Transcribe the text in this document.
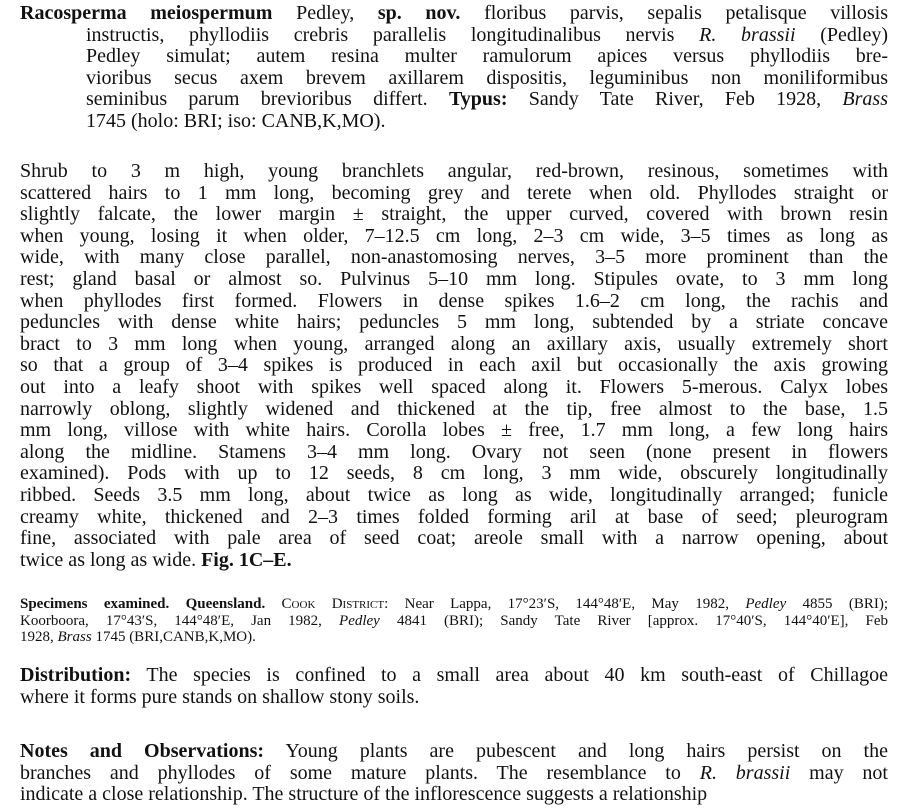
Racosperma meiospermum Pedley, sp. nov. floribus parvis, sepalis petalisque villosis
instructis, phyllodiis crebris parallelis longitudinalibus nervis R. brassii (Pedley)
Pedley simulat; autem resina multer ramulorum apices versus phyllodiis bre-
vioribus secus axem brevem axillarem dispositis, leguminibus non moniliformibus
seminibus parum brevioribus differt. Typus: Sandy Tate River, Feb 1928, Brass
1745 (holo: BRI; iso: CANB,K,MO).
Shrub to 3 m high, young branchlets angular, red-brown, resinous, sometimes with
scattered hairs to 1 mm long, becoming grey and terete when old. Phyllodes straight or
slightly falcate, the lower margin ± straight, the upper curved, covered with brown resin
when young, losing it when older, 7–12.5 cm long, 2–3 cm wide, 3–5 times as long as
wide, with many close parallel, non-anastomosing nerves, 3–5 more prominent than the
rest; gland basal or almost so. Pulvinus 5–10 mm long. Stipules ovate, to 3 mm long
when phyllodes first formed. Flowers in dense spikes 1.6–2 cm long, the rachis and
peduncles with dense white hairs; peduncles 5 mm long, subtended by a striate concave
bract to 3 mm long when young, arranged along an axillary axis, usually extremely short
so that a group of 3–4 spikes is produced in each axil but occasionally the axis growing
out into a leafy shoot with spikes well spaced along it. Flowers 5-merous. Calyx lobes
narrowly oblong, slightly widened and thickened at the tip, free almost to the base, 1.5
mm long, villose with white hairs. Corolla lobes ± free, 1.7 mm long, a few long hairs
along the midline. Stamens 3–4 mm long. Ovary not seen (none present in flowers
examined). Pods with up to 12 seeds, 8 cm long, 3 mm wide, obscurely longitudinally
ribbed. Seeds 3.5 mm long, about twice as long as wide, longitudinally arranged; funicle
creamy white, thickened and 2–3 times folded forming aril at base of seed; pleurogram
fine, associated with pale area of seed coat; areole small with a narrow opening, about
twice as long as wide. Fig. 1C–E.
Specimens examined. Queensland. Cook District: Near Lappa, 17°23′S, 144°48′E, May 1982, Pedley 4855 (BRI);
Koorboora, 17°43′S, 144°48′E, Jan 1982, Pedley 4841 (BRI); Sandy Tate River [approx. 17°40′S, 144°40′E], Feb
1928, Brass 1745 (BRI,CANB,K,MO).
Distribution: The species is confined to a small area about 40 km south-east of Chillagoe
where it forms pure stands on shallow stony soils.
Notes and Observations: Young plants are pubescent and long hairs persist on the
branches and phyllodes of some mature plants. The resemblance to R. brassii may not
indicate a close relationship. The structure of the inflorescence suggests a relationship
